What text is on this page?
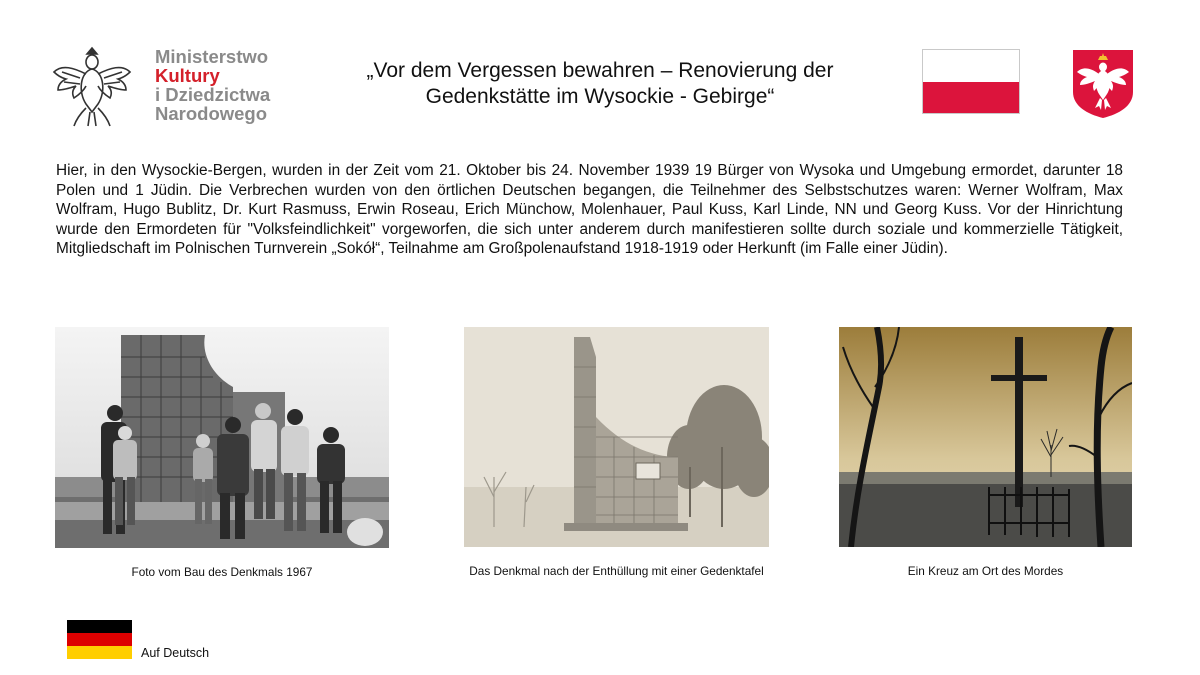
Ministerstwo
Kultury
i Dziedzictwa
Narodowego
„Vor dem Vergessen bewahren – Renovierung der
Gedenkstätte im Wysockie - Gebirge“
Hier, in den Wysockie-Bergen, wurden in der Zeit vom 21. Oktober bis 24. November 1939 19 Bürger von Wysoka und Umgebung ermordet, darunter 18 Polen und 1 Jüdin. Die Verbrechen wurden von den örtlichen Deutschen begangen, die Teilnehmer des Selbstschutzes waren: Werner Wolfram, Max Wolfram, Hugo Bublitz, Dr. Kurt Rasmuss, Erwin Roseau, Erich Münchow, Molenhauer, Paul Kuss, Karl Linde, NN und Georg Kuss. Vor der Hinrichtung wurde den Ermordeten für "Volksfeindlichkeit" vorgeworfen, die sich unter anderem durch manifestieren sollte durch soziale und kommerzielle Tätigkeit, Mitgliedschaft im Polnischen Turnverein „Sokół“, Teilnahme am Großpolenaufstand 1918-1919 oder Herkunft (im Falle einer Jüdin).
Foto vom Bau des Denkmals 1967	Das Denkmal nach der Enthüllung mit einer Gedenktafel	Ein Kreuz am Ort des Mordes
Auf Deutsch
